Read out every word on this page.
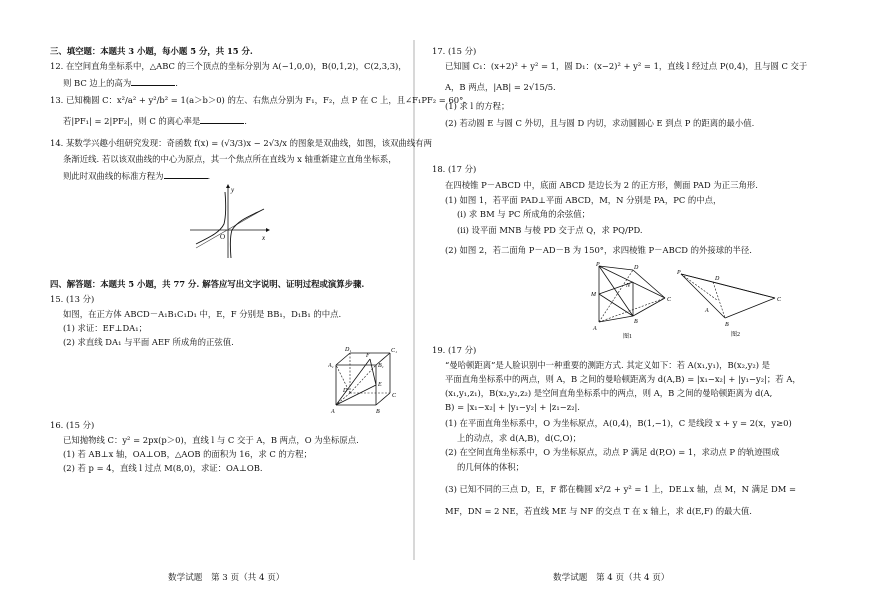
三、填空题：本题共 3 小题，每小题 5 分，共 15 分.
12. 在空间直角坐标系中，△ABC 的三个顶点的坐标分别为 A(−1,0,0)，B(0,1,2)，C(2,3,3)，
则 BC 边上的高为	.
13. 已知椭圆 C：x²/a² + y²/b² = 1(a＞b＞0) 的左、右焦点分别为 F₁，F₂，点 P 在 C 上，且∠F₁PF₂ = 60°.
若|PF₁| = 2|PF₂|，则 C 的离心率是	.
14. 某数学兴趣小组研究发现：奇函数 f(x) = (√3/3)x − 2√3/x 的图象是双曲线，如图，该双曲线有两
条渐近线. 若以该双曲线的中心为原点，其一个焦点所在直线为 x 轴重新建立直角坐标系，
则此时双曲线的标准方程为	.
O	x
y
四、解答题：本题共 5 小题，共 77 分. 解答应写出文字说明、证明过程或演算步骤.
15. (13 分)
如图，在正方体 ABCD－A₁B₁C₁D₁ 中，E，F 分别是 BB₁，D₁B₁ 的中点.
(1) 求证：EF⊥DA₁；
(2) 求直线 DA₁ 与平面 AEF 所成角的正弦值.
D₁	C₁
A₁	B₁
F
E
D
C
A	B
16. (15 分)
已知抛物线 C：y² = 2px(p＞0)，直线 l 与 C 交于 A，B 两点，O 为坐标原点.
(1) 若 AB⊥x 轴，OA⊥OB，△AOB 的面积为 16，求 C 的方程；
(2) 若 p = 4，直线 l 过点 M(8,0)，求证：OA⊥OB.
数学试题　第 3 页（共 4 页）
17. (15 分)
已知圆 C₁：(x+2)² + y² = 1，圆 D₁：(x−2)² + y² = 1，直线 l 经过点 P(0,4)，且与圆 C 交于
A，B 两点，|AB| = 2√15/5.
(1) 求 l 的方程；
(2) 若动圆 E 与圆 C 外切，且与圆 D 内切，求动圆圆心 E 到点 P 的距离的最小值.
18. (17 分)
在四棱锥 P－ABCD 中，底面 ABCD 是边长为 2 的正方形，侧面 PAD 为正三角形.
(1) 如图 1，若平面 PAD⊥平面 ABCD，M，N 分别是 PA，PC 的中点，
(ⅰ) 求 BM 与 PC 所成角的余弦值；
(ⅱ) 设平面 MNB 与棱 PD 交于点 Q，求 PQ/PD.
(2) 如图 2，若二面角 P－AD－B 为 150°，求四棱锥 P－ABCD 的外接球的半径.
P
M
N
D
C
A
B
图1
P
D
C
A
B
图2
19. (17 分)
“曼哈顿距离”是人脸识别中一种重要的测距方式. 其定义如下：若 A(x₁,y₁)，B(x₂,y₂) 是
平面直角坐标系中的两点，则 A，B 之间的曼哈顿距离为 d(A,B) = |x₁−x₂| + |y₁−y₂|；若 A，
(x₁,y₁,z₁)，B(x₂,y₂,z₂) 是空间直角坐标系中的两点，则 A，B 之间的曼哈顿距离为 d(A,
B) = |x₁−x₂| + |y₁−y₂| + |z₁−z₂|.
(1) 在平面直角坐标系中，O 为坐标原点，A(0,4)，B(1,−1)，C 是线段 x + y = 2(x，y≥0)
上的动点，求 d(A,B)，d(C,O)；
(2) 在空间直角坐标系中，O 为坐标原点，动点 P 满足 d(P,O) = 1，求动点 P 的轨迹围成
的几何体的体积；
(3) 已知不同的三点 D，E，F 都在椭圆 x²/2 + y² = 1 上，DE⊥x 轴，点 M，N 满足 DM =
MF，DN = 2 NE，若直线 ME 与 NF 的交点 T 在 x 轴上，求 d(E,F) 的最大值.
数学试题　第 4 页（共 4 页）
